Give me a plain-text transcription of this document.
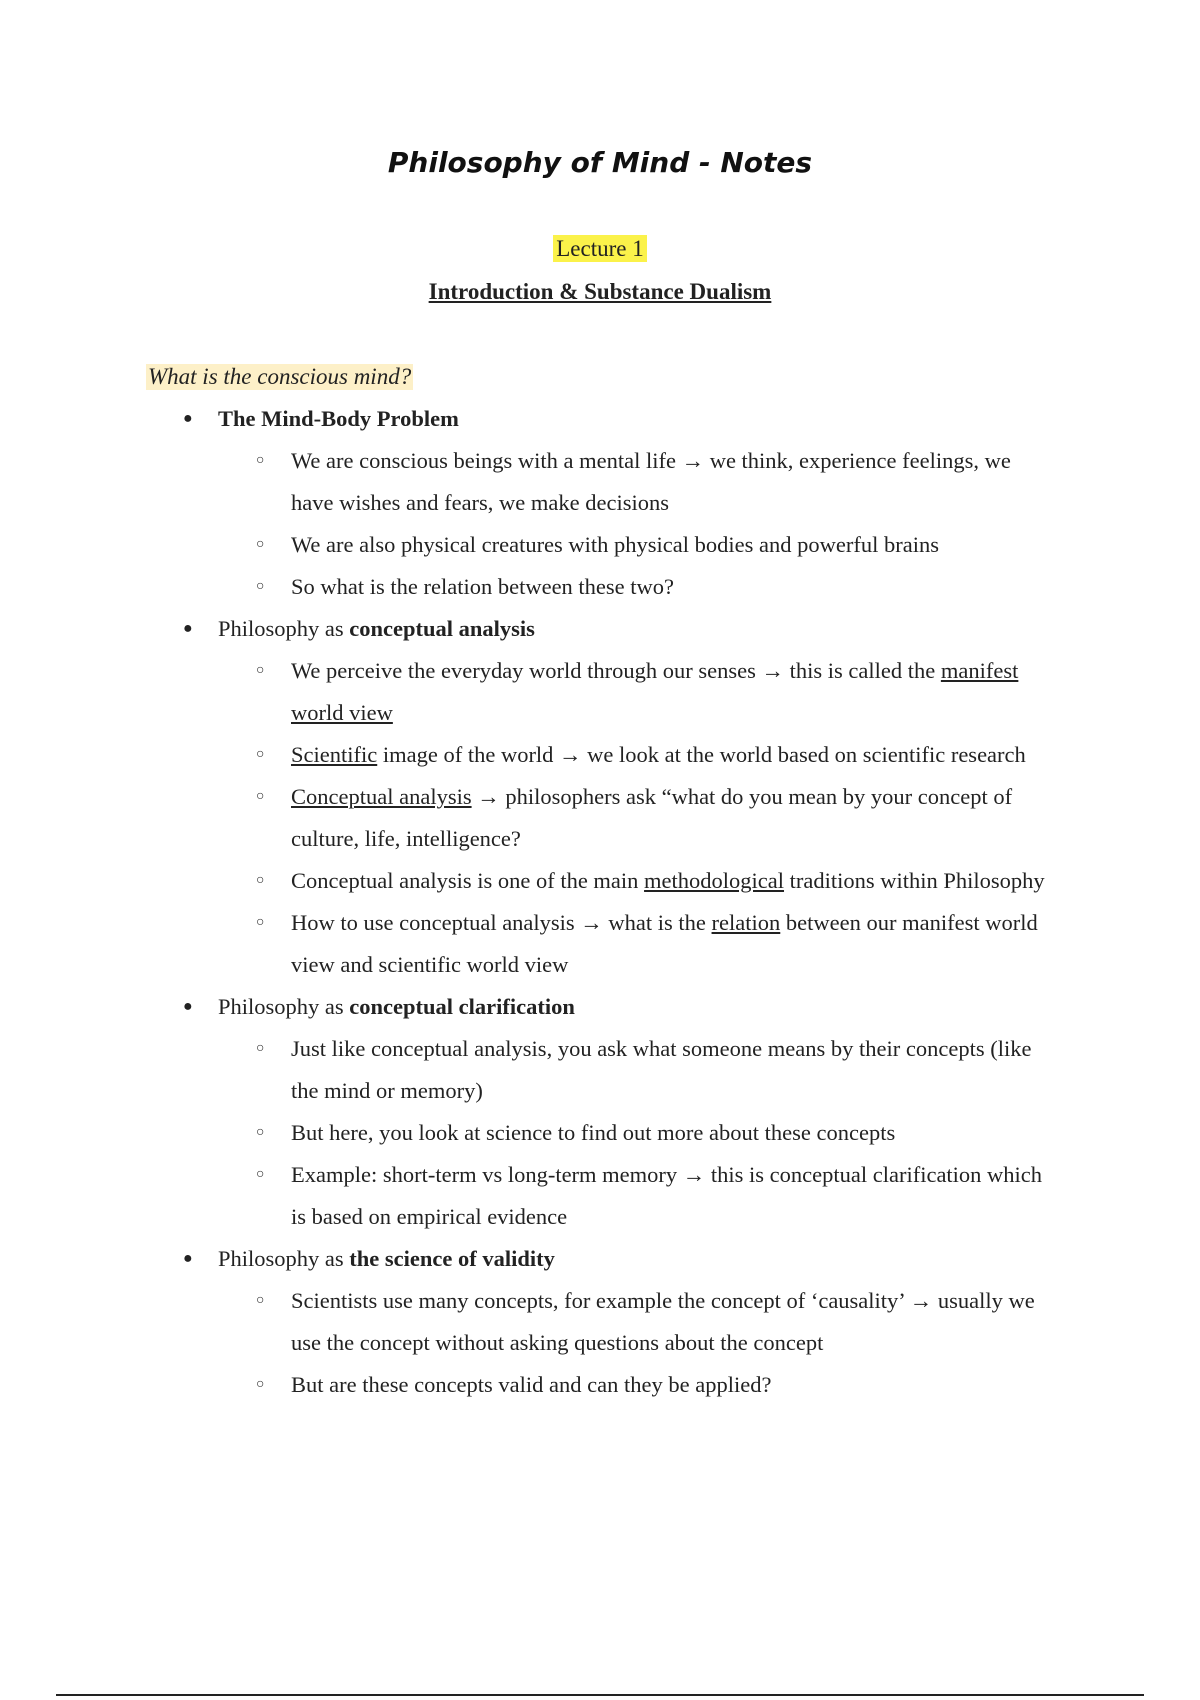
Philosophy of Mind - Notes
Lecture 1
Introduction & Substance Dualism
What is the conscious mind?
● The Mind-Body Problem
○ We are conscious beings with a mental life → we think, experience feelings, we have wishes and fears, we make decisions
○ We are also physical creatures with physical bodies and powerful brains
○ So what is the relation between these two?
● Philosophy as conceptual analysis
○ We perceive the everyday world through our senses → this is called the manifest world view
○ Scientific image of the world → we look at the world based on scientific research
○ Conceptual analysis → philosophers ask “what do you mean by your concept of culture, life, intelligence?
○ Conceptual analysis is one of the main methodological traditions within Philosophy
○ How to use conceptual analysis → what is the relation between our manifest world view and scientific world view
● Philosophy as conceptual clarification
○ Just like conceptual analysis, you ask what someone means by their concepts (like the mind or memory)
○ But here, you look at science to find out more about these concepts
○ Example: short-term vs long-term memory → this is conceptual clarification which is based on empirical evidence
● Philosophy as the science of validity
○ Scientists use many concepts, for example the concept of ‘causality’ → usually we use the concept without asking questions about the concept
○ But are these concepts valid and can they be applied?
